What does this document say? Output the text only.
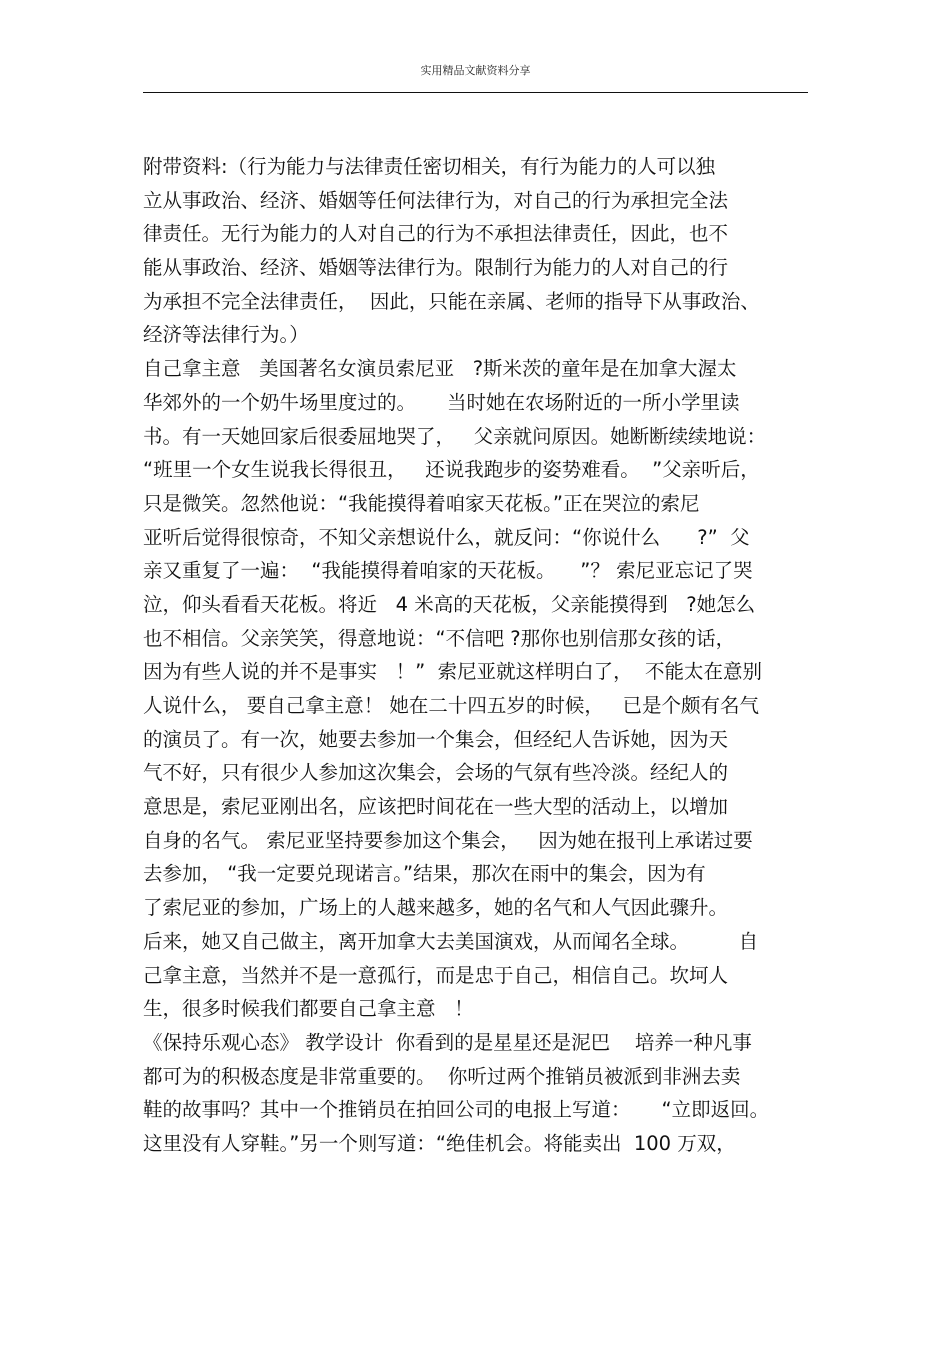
实用精品文献资料分享
附带资料:（行为能力与法律责任密切相关，有行为能力的人可以独
立从事政治、经济、婚姻等任何法律行为，对自己的行为承担完全法
律责任。无行为能力的人对自己的行为不承担法律责任，因此，也不
能从事政治、经济、婚姻等法律行为。限制行为能力的人对自己的行
为承担不完全法律责任，  因此，只能在亲属、老师的指导下从事政治、
经济等法律行为。）
自己拿主意   美国著名女演员索尼亚   ?斯米茨的童年是在加拿大渥太
华郊外的一个奶牛场里度过的。     当时她在农场附近的一所小学里读
书。有一天她回家后很委屈地哭了，   父亲就问原因。她断断续续地说：
“班里一个女生说我长得很丑，   还说我跑步的姿势难看。  ”父亲听后，
只是微笑。忽然他说：“我能摸得着咱家天花板。”正在哭泣的索尼
亚听后觉得很惊奇，不知父亲想说什么，就反问：“你说什么      ?”  父
亲又重复了一遍：  “我能摸得着咱家的天花板。    ”？ 索尼亚忘记了哭
泣，仰头看看天花板。将近   4 米高的天花板，父亲能摸得到   ?她怎么
也不相信。父亲笑笑，得意地说：“不信吧 ?那你也别信那女孩的话，
因为有些人说的并不是事实   ！”  索尼亚就这样明白了，  不能太在意别
人说什么， 要自己拿主意！ 她在二十四五岁的时候，   已是个颇有名气
的演员了。有一次，她要去参加一个集会，但经纪人告诉她，因为天
气不好，只有很少人参加这次集会，会场的气氛有些冷淡。经纪人的
意思是，索尼亚刚出名，应该把时间花在一些大型的活动上，以增加
自身的名气。 索尼亚坚持要参加这个集会，   因为她在报刊上承诺过要
去参加， “我一定要兑现诺言。”结果，那次在雨中的集会，因为有
了索尼亚的参加，广场上的人越来越多，她的名气和人气因此骤升。
后来，她又自己做主，离开加拿大去美国演戏，从而闻名全球。        自
己拿主意，当然并不是一意孤行，而是忠于自己，相信自己。坎坷人
生，很多时候我们都要自己拿主意   ！
《保持乐观心态》 教学设计  你看到的是星星还是泥巴    培养一种凡事
都可为的积极态度是非常重要的。  你听过两个推销员被派到非洲去卖
鞋的故事吗？其中一个推销员在拍回公司的电报上写道：     “立即返回。
这里没有人穿鞋。”另一个则写道：“绝佳机会。将能卖出  100 万双，
